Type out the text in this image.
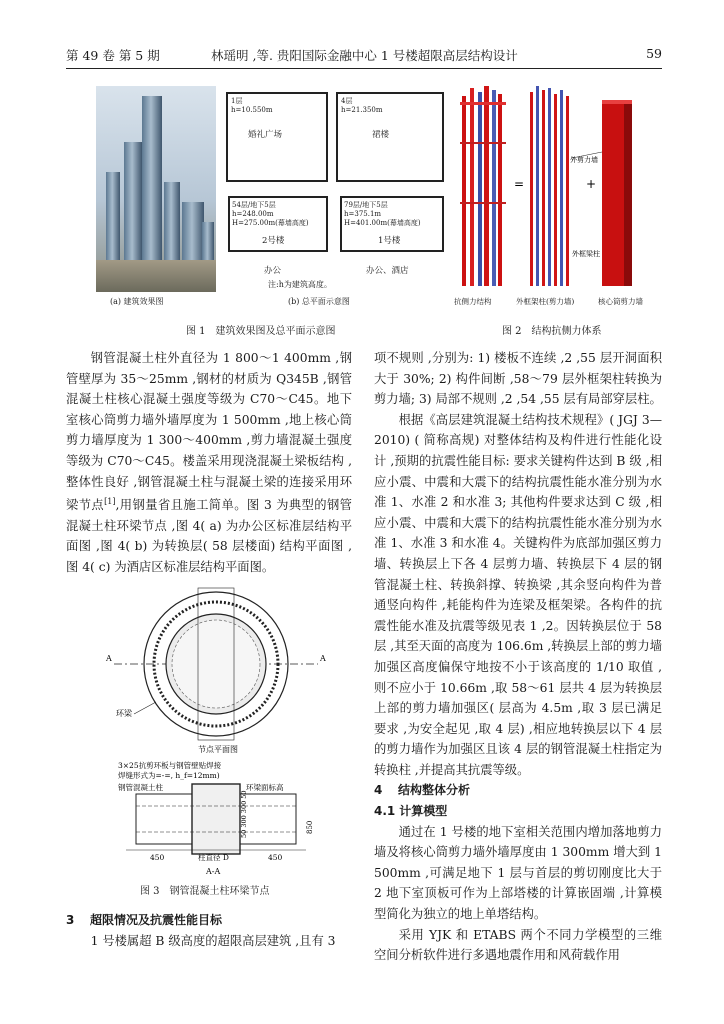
第 49 卷 第 5 期	林瑶明 ,等. 贵阳国际金融中心 1 号楼超限高层结构设计	59
(a) 建筑效果图
1层
h=10.550m
婚礼广场
4层
h=21.350m
裙楼
54层/地下5层
h=248.00m
H=275.00m(幕墙高度)
2号楼
79层/地下5层
h=375.1m
H=401.00m(幕墙高度)
1号楼
办公	办公、酒店
注:h为建筑高度。
(b) 总平面示意图
图 1　建筑效果图及总平面示意图
=	+
外剪力墙
外框梁柱
抗侧力结构	外框架柱(剪力墙)	核心筒剪力墙
图 2　结构抗侧力体系

钢管混凝土柱外直径为 1 800～1 400mm ,钢管壁厚为 35～25mm ,钢材的材质为 Q345B ,钢管混凝土柱核心混凝土强度等级为 C70～C45。地下室核心筒剪力墙外墙厚度为 1 500mm ,地上核心筒剪力墙厚度为 1 300～400mm ,剪力墙混凝土强度等级为 C70～C45。楼盖采用现浇混凝土梁板结构 ,整体性良好 ,钢管混凝土柱与混凝土梁的连接采用环梁节点[1],用钢量省且施工简单。图 3 为典型的钢管混凝土柱环梁节点 ,图 4( a) 为办公区标准层结构平面图 ,图 4( b) 为转换层( 58 层楼面) 结构平面图 ,图 4( c) 为酒店区标准层结构平面图。

A	A
环梁
节点平面图
3×25抗剪环板与钢管壁贴焊接
焊缝形式为=-=, h_f=12mm)
钢管混凝土柱	环梁面标高
450	柱直径 D	450
50 300 300 50	850
A-A
图 3　钢管混凝土柱环梁节点

3 超限情况及抗震性能目标

1 号楼属超 B 级高度的超限高层建筑 ,且有 3

项不规则 ,分别为: 1) 楼板不连续 ,2 ,55 层开洞面积大于 30%; 2) 构件间断 ,58～79 层外框架柱转换为剪力墙; 3) 局部不规则 ,2 ,54 ,55 层有局部穿层柱。

根据《高层建筑混凝土结构技术规程》( JGJ 3—2010) ( 简称高规) 对整体结构及构件进行性能化设计 ,预期的抗震性能目标: 要求关键构件达到 B 级 ,相应小震、中震和大震下的结构抗震性能水准分别为水准 1、水准 2 和水准 3; 其他构件要求达到 C 级 ,相应小震、中震和大震下的结构抗震性能水准分别为水准 1、水准 3 和水准 4。关键构件为底部加强区剪力墙、转换层上下各 4 层剪力墙、转换层下 4 层的钢管混凝土柱、转换斜撑、转换梁 ,其余竖向构件为普通竖向构件 ,耗能构件为连梁及框架梁。各构件的抗震性能水准及抗震等级见表 1 ,2。因转换层位于 58 层 ,其至天面的高度为 106.6m ,转换层上部的剪力墙加强区高度偏保守地按不小于该高度的 1/10 取值 ,则不应小于 10.66m ,取 58～61 层共 4 层为转换层上部的剪力墙加强区( 层高为 4.5m ,取 3 层已满足要求 ,为安全起见 ,取 4 层) ,相应地转换层以下 4 层的剪力墙作为加强区且该 4 层的钢管混凝土柱指定为转换柱 ,并提高其抗震等级。

4 结构整体分析

4.1 计算模型

通过在 1 号楼的地下室相关范围内增加落地剪力墙及将核心筒剪力墙外墙厚度由 1 300mm 增大到 1 500mm ,可满足地下 1 层与首层的剪切刚度比大于 2 地下室顶板可作为上部塔楼的计算嵌固端 ,计算模型简化为独立的地上单塔结构。

采用 YJK 和 ETABS 两个不同力学模型的三维空间分析软件进行多遇地震作用和风荷载作用
